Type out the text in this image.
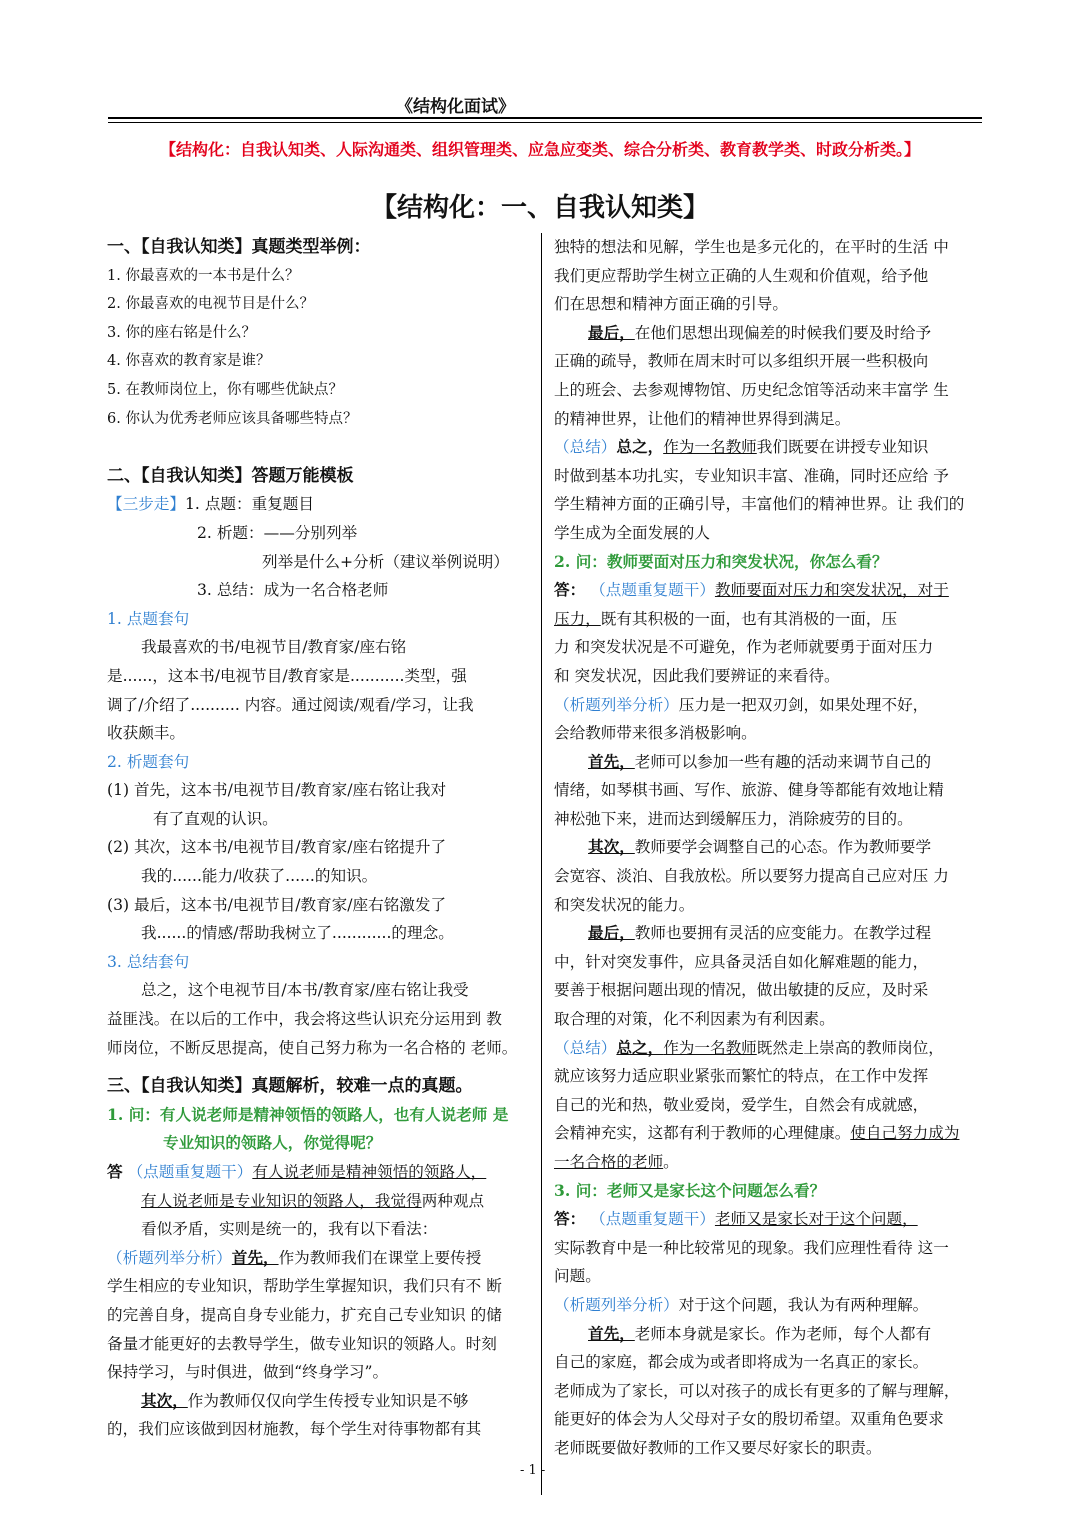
《结构化面试》
【结构化：自我认知类、人际沟通类、组织管理类、应急应变类、综合分析类、教育教学类、时政分析类。】
【结构化：一、自我认知类】
一、【自我认知类】真题类型举例：
1. 你最喜欢的一本书是什么？
2. 你最喜欢的电视节目是什么？
3. 你的座右铭是什么？
4. 你喜欢的教育家是谁？
5. 在教师岗位上，你有哪些优缺点？
6. 你认为优秀老师应该具备哪些特点？
二、【自我认知类】答题万能模板
【三步走】1. 点题：重复题目
2. 析题：——分别列举
列举是什么+分析（建议举例说明）
3. 总结：成为一名合格老师
1. 点题套句
我最喜欢的书/电视节目/教育家/座右铭
是......，这本书/电视节目/教育家是...........类型，强
调了/介绍了.......... 内容。通过阅读/观看/学习，让我
收获颇丰。
2. 析题套句
(1) 首先，这本书/电视节目/教育家/座右铭让我对
有了直观的认识。
(2) 其次，这本书/电视节目/教育家/座右铭提升了
我的......能力/收获了......的知识。
(3) 最后，这本书/电视节目/教育家/座右铭激发了
我......的情感/帮助我树立了............的理念。
3. 总结套句
总之，这个电视节目/本书/教育家/座右铭让我受
益匪浅。在以后的工作中，我会将这些认识充分运用到 教
师岗位，不断反思提高，使自己努力称为一名合格的 老师。
三、【自我认知类】真题解析，较难一点的真题。
1. 问：有人说老师是精神领悟的领路人，也有人说老师 是
专业知识的领路人，你觉得呢？
答 （点题重复题干）有人说老师是精神领悟的领路人，
有人说老师是专业知识的领路人，我觉得两种观点
看似矛盾，实则是统一的，我有以下看法：
（析题列举分析）首先，作为教师我们在课堂上要传授
学生相应的专业知识，帮助学生掌握知识，我们只有不 断
的完善自身，提高自身专业能力，扩充自己专业知识 的储
备量才能更好的去教导学生，做专业知识的领路人。时刻
保持学习，与时俱进，做到“终身学习”。
其次，作为教师仅仅向学生传授专业知识是不够
的，我们应该做到因材施教，每个学生对待事物都有其
独特的想法和见解，学生也是多元化的，在平时的生活 中
我们更应帮助学生树立正确的人生观和价值观，给予他
们在思想和精神方面正确的引导。
最后，在他们思想出现偏差的时候我们要及时给予
正确的疏导，教师在周末时可以多组织开展一些积极向
上的班会、去参观博物馆、历史纪念馆等活动来丰富学 生
的精神世界，让他们的精神世界得到满足。
（总结）总之，作为一名教师我们既要在讲授专业知识
时做到基本功扎实，专业知识丰富、准确，同时还应给 予
学生精神方面的正确引导，丰富他们的精神世界。让 我们的
学生成为全面发展的人
2. 问：教师要面对压力和突发状况，你怎么看？
答： （点题重复题干）教师要面对压力和突发状况，对于
压力，既有其积极的一面，也有其消极的一面，压
力 和突发状况是不可避免，作为老师就要勇于面对压力
和 突发状况，因此我们要辨证的来看待。
（析题列举分析）压力是一把双刃剑，如果处理不好，
会给教师带来很多消极影响。
首先，老师可以参加一些有趣的活动来调节自己的
情绪，如琴棋书画、写作、旅游、健身等都能有效地让精
神松弛下来，进而达到缓解压力，消除疲劳的目的。
其次，教师要学会调整自己的心态。作为教师要学
会宽容、淡泊、自我放松。所以要努力提高自己应对压 力
和突发状况的能力。
最后，教师也要拥有灵活的应变能力。在教学过程
中，针对突发事件，应具备灵活自如化解难题的能力，
要善于根据问题出现的情况，做出敏捷的反应，及时采
取合理的对策，化不利因素为有利因素。
（总结）总之，作为一名教师既然走上崇高的教师岗位，
就应该努力适应职业紧张而繁忙的特点，在工作中发挥
自己的光和热，敬业爱岗，爱学生，自然会有成就感，
会精神充实，这都有利于教师的心理健康。使自己努力成为
一名合格的老师。
3. 问：老师又是家长这个问题怎么看？
答： （点题重复题干）老师又是家长对于这个问题，
实际教育中是一种比较常见的现象。我们应理性看待 这一
问题。
（析题列举分析）对于这个问题，我认为有两种理解。
首先，老师本身就是家长。作为老师，每个人都有
自己的家庭，都会成为或者即将成为一名真正的家长。
老师成为了家长，可以对孩子的成长有更多的了解与理解，
能更好的体会为人父母对子女的殷切希望。双重角色要求
老师既要做好教师的工作又要尽好家长的职责。
- 1 -
